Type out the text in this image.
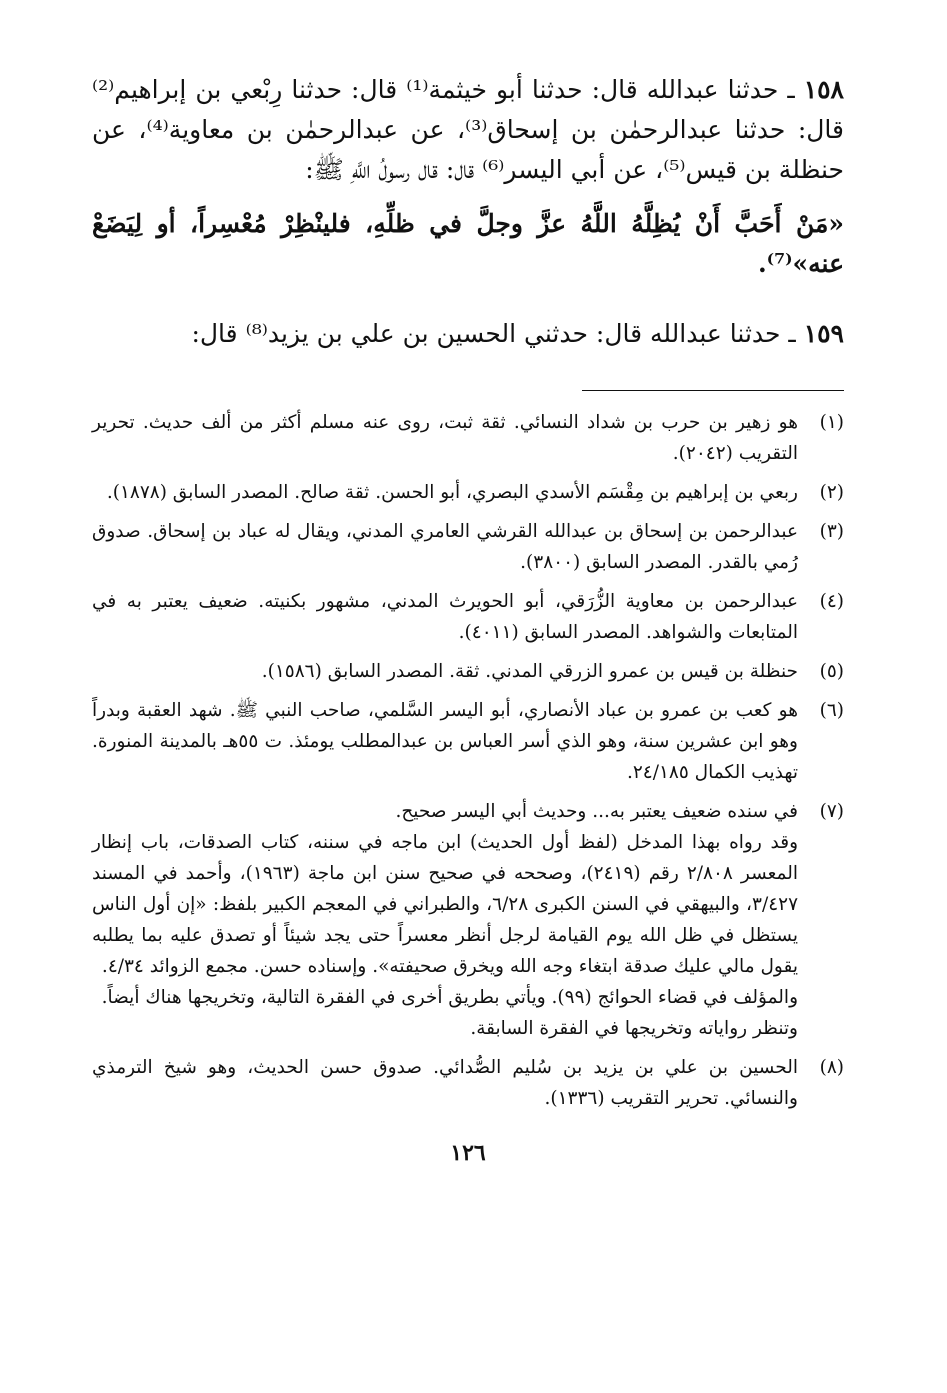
١٥٨ ـ حدثنا عبدالله قال: حدثنا أبو خيثمة⁽¹⁾ قال: حدثنا رِبْعي بن إبراهيم⁽²⁾ قال: حدثنا عبدالرحمٰن بن إسحاق⁽³⁾، عن عبدالرحمٰن بن معاوية⁽⁴⁾، عن حنظلة بن قيس⁽⁵⁾، عن أبي اليسر⁽⁶⁾ قال: قال رسولُ اللَّهِ ﷺ:

«مَنْ أَحَبَّ أَنْ يُظِلَّهُ اللَّهُ عزَّ وجلَّ في ظلِّهِ، فلينْظِرْ مُعْسِراً، أو لِيَضَعْ عنه»⁽⁷⁾.

١٥٩ ـ حدثنا عبدالله قال: حدثني الحسين بن علي بن يزيد⁽⁸⁾ قال:

(١)

هو زهير بن حرب بن شداد النسائي. ثقة ثبت، روى عنه مسلم أكثر من ألف حديث. تحرير التقريب (٢٠٤٢).

(٢)

ربعي بن إبراهيم بن مِقْسَم الأسدي البصري، أبو الحسن. ثقة صالح. المصدر السابق (١٨٧٨).

(٣)

عبدالرحمن بن إسحاق بن عبدالله القرشي العامري المدني، ويقال له عباد بن إسحاق. صدوق رُمي بالقدر. المصدر السابق (٣٨٠٠).

(٤)

عبدالرحمن بن معاوية الزُّرَقي، أبو الحويرث المدني، مشهور بكنيته. ضعيف يعتبر به في المتابعات والشواهد. المصدر السابق (٤٠١١).

(٥)

حنظلة بن قيس بن عمرو الزرقي المدني. ثقة. المصدر السابق (١٥٨٦).

(٦)

هو كعب بن عمرو بن عباد الأنصاري، أبو اليسر السَّلمي، صاحب النبي ﷺ. شهد العقبة وبدراً وهو ابن عشرين سنة، وهو الذي أسر العباس بن عبدالمطلب يومئذ. ت ٥٥هـ بالمدينة المنورة. تهذيب الكمال ٢٤/١٨٥.

(٧)

في سنده ضعيف يعتبر به... وحديث أبي اليسر صحيح.

وقد رواه بهذا المدخل (لفظ أول الحديث) ابن ماجه في سننه، كتاب الصدقات، باب إنظار المعسر ٢/٨٠٨ رقم (٢٤١٩)، وصححه في صحيح سنن ابن ماجة (١٩٦٣)، وأحمد في المسند ٣/٤٢٧، والبيهقي في السنن الكبرى ٦/٢٨، والطبراني في المعجم الكبير بلفظ: «إن أول الناس يستظل في ظل الله يوم القيامة لرجل أنظر معسراً حتى يجد شيئاً أو تصدق عليه بما يطلبه يقول مالي عليك صدقة ابتغاء وجه الله ويخرق صحيفته». وإسناده حسن. مجمع الزوائد ٤/٣٤.

والمؤلف في قضاء الحوائج (٩٩). ويأتي بطريق أخرى في الفقرة التالية، وتخريجها هناك أيضاً.

وتنظر رواياته وتخريجها في الفقرة السابقة.

(٨)

الحسين بن علي بن يزيد بن سُليم الصُّدائي. صدوق حسن الحديث، وهو شيخ الترمذي والنسائي. تحرير التقريب (١٣٣٦).

١٢٦
